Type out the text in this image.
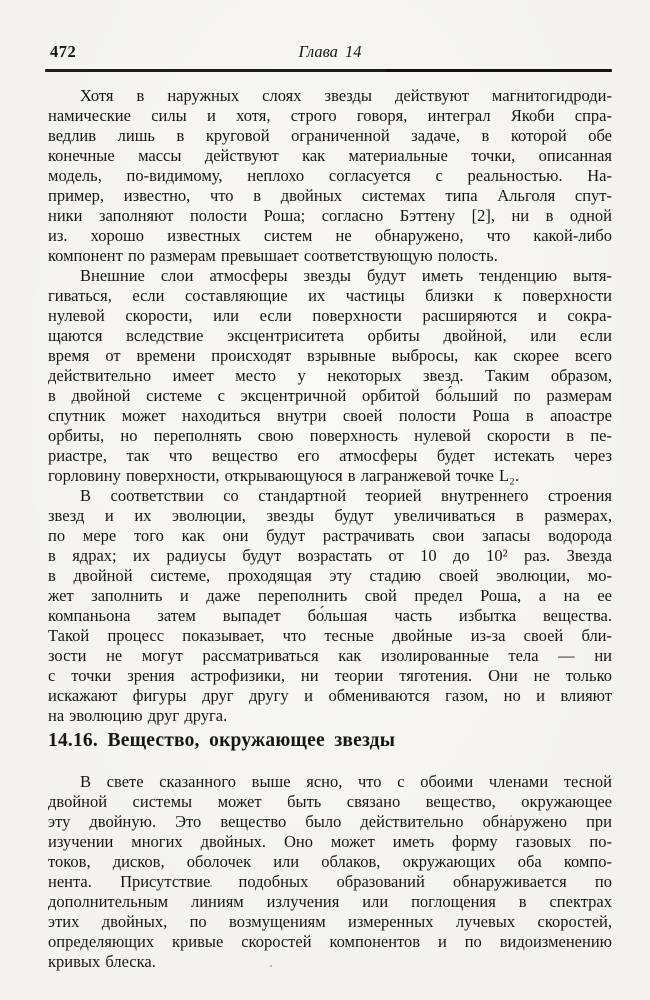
472	Глава 14
Хотя в наружных слоях звезды действуют магнитогидроди-
намические силы и хотя, строго говоря, интеграл Якоби спра-
ведлив лишь в круговой ограниченной задаче, в которой обе
конечные массы действуют как материальные точки, описанная
модель, по-видимому, неплохо согласуется с реальностью. На-
пример, известно, что в двойных системах типа Альголя спут-
ники заполняют полости Роша; согласно Бэттену [2], ни в одной
из. хорошо известных систем не обнаружено, что какой-либо
компонент по размерам превышает соответствующую полость.
Внешние слои атмосферы звезды будут иметь тенденцию вытя-
гиваться, если составляющие их частицы близки к поверхности
нулевой скорости, или если поверхности расширяются и сокра-
щаются вследствие эксцентриситета орбиты двойной, или если
время от времени происходят взрывные выбросы, как скорее всего
действительно имеет место у некоторых звезд. Таким образом,
в двойной системе с эксцентричной орбитой бо́льший по размерам
спутник может находиться внутри своей полости Роша в апоастре
орбиты, но переполнять свою поверхность нулевой скорости в пе-
риастре, так что вещество его атмосферы будет истекать через
горловину поверхности, открывающуюся в лагранжевой точке L₂.
В соответствии со стандартной теорией внутреннего строения
звезд и их эволюции, звезды будут увеличиваться в размерах,
по мере того как они будут растрачивать свои запасы водорода
в ядрах; их радиусы будут возрастать от 10 до 10² раз. Звезда
в двойной системе, проходящая эту стадию своей эволюции, мо-
жет заполнить и даже переполнить свой предел Роша, а на ее
компаньона затем выпадет бо́льшая часть избытка вещества.
Такой процесс показывает, что тесные двойные из-за своей бли-
зости не могут рассматриваться как изолированные тела — ни
с точки зрения астрофизики, ни теории тяготения. Они не только
искажают фигуры друг другу и обмениваются газом, но и влияют
на эволюцию друг друга.
14.16. Вещество, окружающее звезды
В свете сказанного выше ясно, что с обоими членами тесной
двойной системы может быть связано вещество, окружающее
эту двойную. Это вещество было действительно обнаружено при
изучении многих двойных. Оно может иметь форму газовых по-
токов, дисков, оболочек или облаков, окружающих оба компо-
нента. Присутствие подобных образований обнаруживается по
дополнительным линиям излучения или поглощения в спектрах
этих двойных, по возмущениям измеренных лучевых скоростей,
определяющих кривые скоростей компонентов и по видоизменению
кривых блеска.
